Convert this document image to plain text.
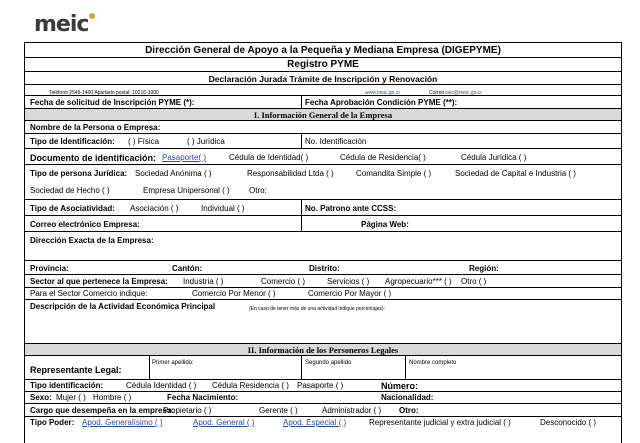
meic
Dirección General de Apoyo a la Pequeña y Mediana Empresa (DIGEPYME)
Registro PYME
Declaración Jurada Trámite de Inscripción y Renovación
Teléfono 2549-1400 Apartado postal: 10216-1000	www.meic.go.cr	Correo siec@meic.go.cr
Fecha de solicitud de Inscripción PYME (*):	Fecha Aprobación Condición PYME (**):
I. Información General de la Empresa
Nombre de la Persona o Empresa:
Tipo de Identificación: ( ) Física	( ) Jurídica	No. Identificación
Documento de identificación: Pasaporte( )	Cédula de Identidad( )	Cédula de Residencia( )	Cédula Jurídica ( )
Tipo de persona Jurídica: Sociedad Anónima ( )	Responsabilidad Ltda ( )	Comandita Simple ( )	Sociedad de Capital e Industria ( )
Sociedad de Hecho ( )	Empresa Unipersonal ( ) Otro:
Tipo de Asociatividad: Asociación ( )	Individual ( )	No. Patrono ante CCSS:
Correo electrónico Empresa:	Página Web:
Dirección Exacta de la Empresa:
Provincia:	Cantón:	Distrito:	Región:
Sector al que pertenece la Empresa: Industria ( )	Comercio ( )	Servicios ( ) Agropecuario*** ( ) Otro ( )
Para el Sector Comercio indique:	Comercio Por Menor ( )	Comercio Por Mayor ( )
Descripción de la Actividad Económica Principal	(En caso de tener más de una actividad indique porcentajes):
II. Información de los Personeros Legales
Representante Legal:
Primer apellido:	Segundo apellido	Nombre completo
Tipo identificación:	Cédula Identidad ( ) Cédula Residencia ( ) Pasaporte ( )	Número:
Sexo: Mujer ( ) Hombre ( )	Fecha Nacimiento:	Nacionalidad:
Cargo que desempeña en la empresa:
Propietario ( )	Gerente ( )	Administrador ( ) Otro:
Tipo Poder: Apod. Generalísimo ( )	Apod. General ( )	Apod. Especial ( )	Representante judicial y extra judicial ( )	Desconocido ( )
